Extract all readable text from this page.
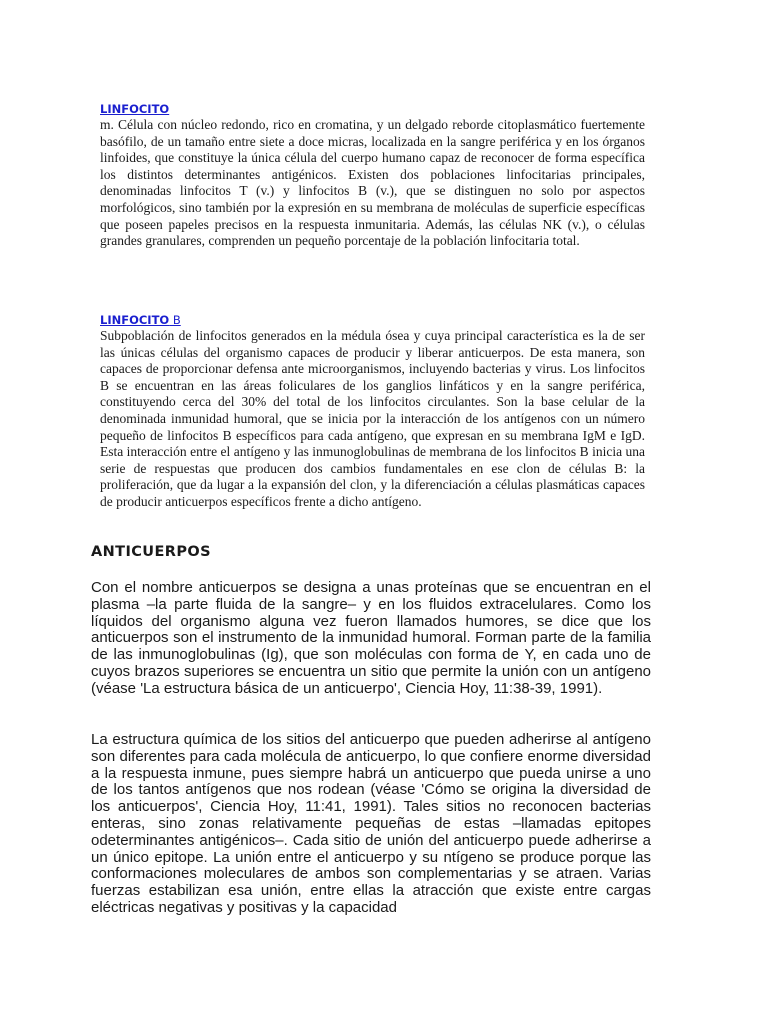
LINFOCITO

m. Célula con núcleo redondo, rico en cromatina, y un delgado reborde citoplasmático fuertemente basófilo, de un tamaño entre siete a doce micras, localizada en la sangre periférica y en los órganos linfoides, que constituye la única célula del cuerpo humano capaz de reconocer de forma específica los distintos determinantes antigénicos. Existen dos poblaciones linfocitarias principales, denominadas linfocitos T (v.) y linfocitos B (v.), que se distinguen no solo por aspectos morfológicos, sino también por la expresión en su membrana de moléculas de superficie específicas que poseen papeles precisos en la respuesta inmunitaria. Además, las células NK (v.), o células grandes granulares, comprenden un pequeño porcentaje de la población linfocitaria total.

LINFOCITO B

Subpoblación de linfocitos generados en la médula ósea y cuya principal característica es la de ser las únicas células del organismo capaces de producir y liberar anticuerpos. De esta manera, son capaces de proporcionar defensa ante microorganismos, incluyendo bacterias y virus. Los linfocitos B se encuentran en las áreas foliculares de los ganglios linfáticos y en la sangre periférica, constituyendo cerca del 30% del total de los linfocitos circulantes. Son la base celular de la denominada inmunidad humoral, que se inicia por la interacción de los antígenos con un número pequeño de linfocitos B específicos para cada antígeno, que expresan en su membrana IgM e IgD. Esta interacción entre el antígeno y las inmunoglobulinas de membrana de los linfocitos B inicia una serie de respuestas que producen dos cambios fundamentales en ese clon de células B: la proliferación, que da lugar a la expansión del clon, y la diferenciación a células plasmáticas capaces de producir anticuerpos específicos frente a dicho antígeno.

ANTICUERPOS

Con el nombre anticuerpos se designa a unas proteínas que se encuentran en el plasma –la parte fluida de la sangre– y en los fluidos extracelulares. Como los líquidos del organismo alguna vez fueron llamados humores, se dice que los anticuerpos son el instrumento de la inmunidad humoral. Forman parte de la familia de las inmunoglobulinas (Ig), que son moléculas con forma de Y, en cada uno de cuyos brazos superiores se encuentra un sitio que permite la unión con un antígeno (véase 'La estructura básica de un anticuerpo', Ciencia Hoy, 11:38-39, 1991).

La estructura química de los sitios del anticuerpo que pueden adherirse al antígeno son diferentes para cada molécula de anticuerpo, lo que confiere enorme diversidad a la respuesta inmune, pues siempre habrá un anticuerpo que pueda unirse a uno de los tantos antígenos que nos rodean (véase 'Cómo se origina la diversidad de los anticuerpos', Ciencia Hoy, 11:41, 1991). Tales sitios no reconocen bacterias enteras, sino zonas relativamente pequeñas de estas –llamadas epitopes odeterminantes antigénicos–. Cada sitio de unión del anticuerpo puede adherirse a un único epitope. La unión entre el anticuerpo y su ntígeno se produce porque las conformaciones moleculares de ambos son complementarias y se atraen. Varias fuerzas estabilizan esa unión, entre ellas la atracción que existe entre cargas eléctricas negativas y positivas y la capacidad
